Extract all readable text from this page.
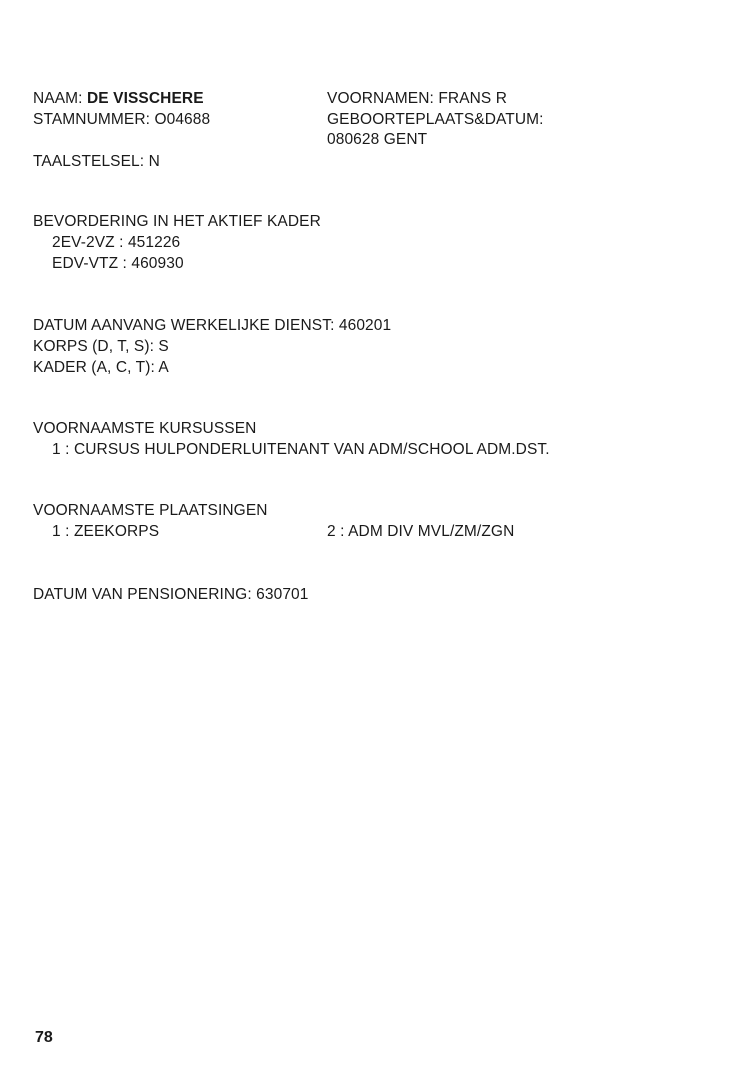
NAAM: DE VISSCHERE
STAMNUMMER: O04688
VOORNAMEN: FRANS R
GEBOORTEPLAATS&DATUM:
080628 GENT
TAALSTELSEL: N
BEVORDERING IN HET AKTIEF KADER
2EV-2VZ : 451226
EDV-VTZ : 460930
DATUM AANVANG WERKELIJKE DIENST: 460201
KORPS (D, T, S): S
KADER (A, C, T): A
VOORNAAMSTE KURSUSSEN
1 : CURSUS HULPONDERLUITENANT VAN ADM/SCHOOL ADM.DST.
VOORNAAMSTE PLAATSINGEN
1 : ZEEKORPS	2 : ADM DIV MVL/ZM/ZGN
DATUM VAN PENSIONERING: 630701
78
